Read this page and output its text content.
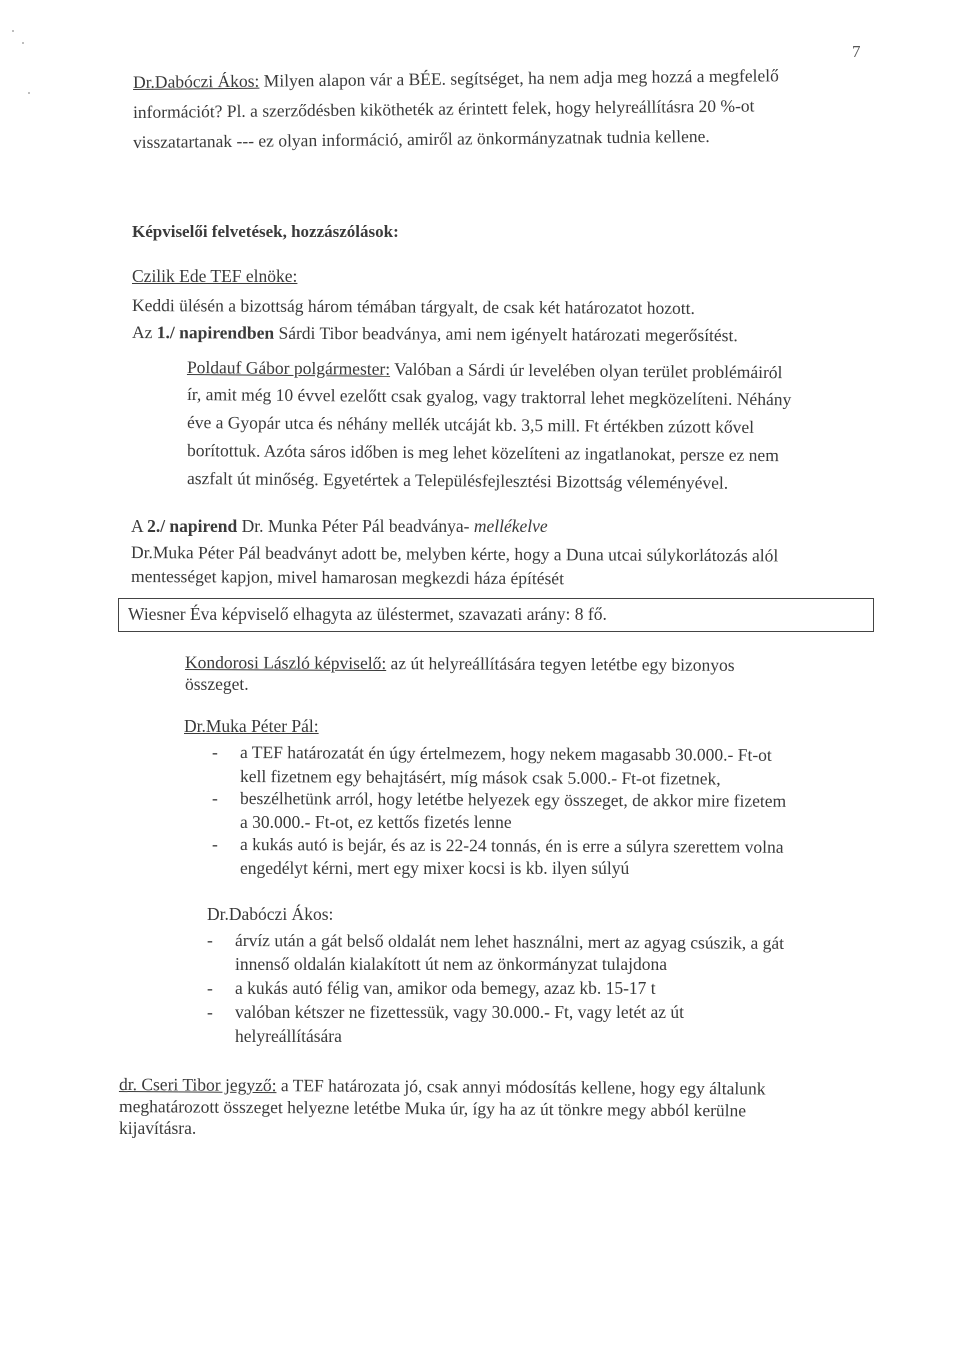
7
Dr.Dabóczi Ákos: Milyen alapon vár a BÉE. segítséget, ha nem adja meg hozzá a megfelelő
információt? Pl. a szerződésben kikötheték az érintett felek, hogy helyreállításra 20 %-ot
visszatartanak --- ez olyan információ, amiről az önkormányzatnak tudnia kellene.
Képviselői felvetések, hozzászólások:
Czilik Ede TEF elnöke:
Keddi ülésén a bizottság három témában tárgyalt, de csak két határozatot hozott.
Az 1./ napirendben Sárdi Tibor beadványa, ami nem igényelt határozati megerősítést.
Poldauf Gábor polgármester: Valóban a Sárdi úr levelében olyan terület problémáiról
ír, amit még 10 évvel ezelőtt csak gyalog, vagy traktorral lehet megközelíteni. Néhány
éve a Gyopár utca és néhány mellék utcáját kb. 3,5 mill. Ft értékben zúzott kővel
borítottuk. Azóta sáros időben is meg lehet közelíteni az ingatlanokat, persze ez nem
aszfalt út minőség. Egyetértek a Településfejlesztési Bizottság véleményével.
A 2./ napirend Dr. Munka Péter Pál beadványa- mellékelve
Dr.Muka Péter Pál beadványt adott be, melyben kérte, hogy a Duna utcai súlykorlátozás alól
mentességet kapjon, mivel hamarosan megkezdi háza építését
Wiesner Éva képviselő elhagyta az üléstermet, szavazati arány: 8 fő.
Kondorosi László képviselő: az út helyreállítására tegyen letétbe egy bizonyos
összeget.
Dr.Muka Péter Pál:
- a TEF határozatát én úgy értelmezem, hogy nekem magasabb 30.000.- Ft-ot
kell fizetnem egy behajtásért, míg mások csak 5.000.- Ft-ot fizetnek,
- beszélhetünk arról, hogy letétbe helyezek egy összeget, de akkor mire fizetem
a 30.000.- Ft-ot, ez kettős fizetés lenne
- a kukás autó is bejár, és az is 22-24 tonnás, én is erre a súlyra szerettem volna
engedélyt kérni, mert egy mixer kocsi is kb. ilyen súlyú
Dr.Dabóczi Ákos:
- árvíz után a gát belső oldalát nem lehet használni, mert az agyag csúszik, a gát
innenső oldalán kialakított út nem az önkormányzat tulajdona
- a kukás autó félig van, amikor oda bemegy, azaz kb. 15-17 t
- valóban kétszer ne fizettessük, vagy 30.000.- Ft, vagy letét az út
helyreállítására
dr. Cseri Tibor jegyző: a TEF határozata jó, csak annyi módosítás kellene, hogy egy általunk
meghatározott összeget helyezne letétbe Muka úr, így ha az út tönkre megy abból kerülne
kijavításra.
